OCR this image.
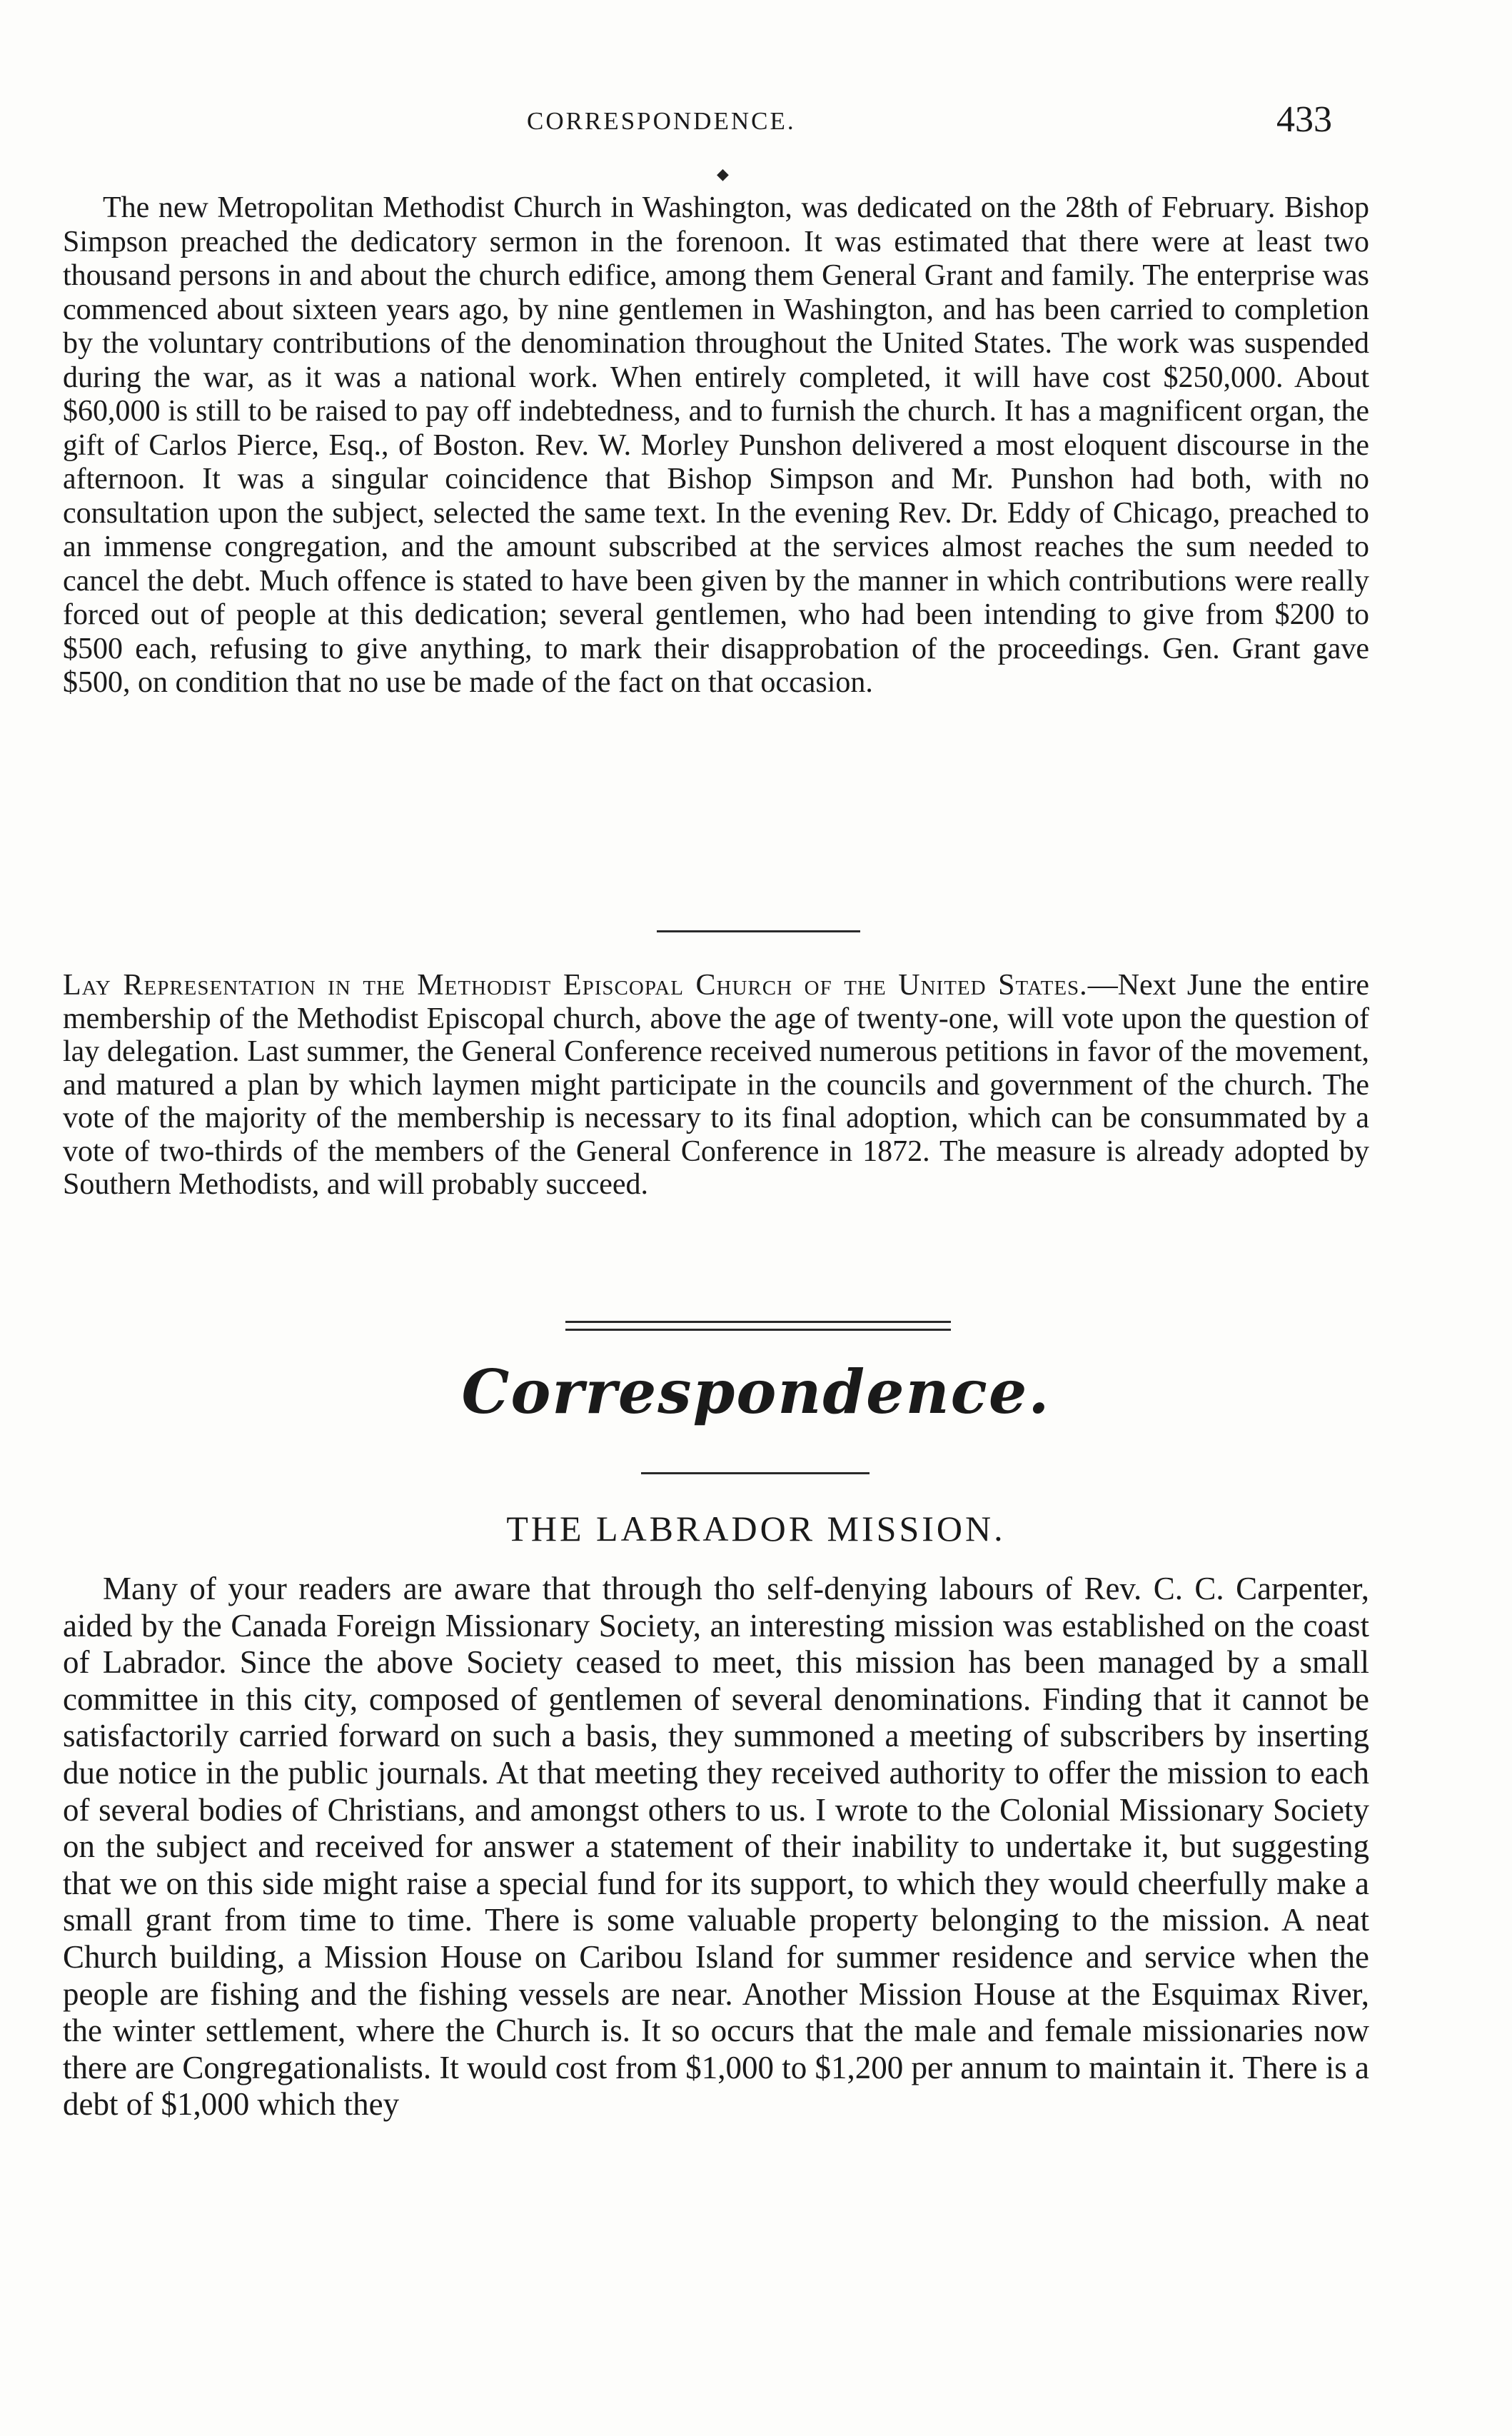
CORRESPONDENCE.	433
◆

The new Metropolitan Methodist Church in Washington, was dedicated on the 28th of February. Bishop Simpson preached the dedicatory sermon in the forenoon. It was estimated that there were at least two thousand persons in and about the church edifice, among them General Grant and family. The enterprise was commenced about sixteen years ago, by nine gentlemen in Washington, and has been carried to completion by the voluntary contributions of the denomination throughout the United States. The work was suspended during the war, as it was a national work. When entirely completed, it will have cost $250,000. About $60,000 is still to be raised to pay off indebtedness, and to furnish the church. It has a magnificent organ, the gift of Carlos Pierce, Esq., of Boston. Rev. W. Morley Punshon delivered a most eloquent discourse in the afternoon. It was a singular coincidence that Bishop Simpson and Mr. Punshon had both, with no consultation upon the subject, selected the same text. In the evening Rev. Dr. Eddy of Chicago, preached to an immense congregation, and the amount subscribed at the services almost reaches the sum needed to cancel the debt. Much offence is stated to have been given by the manner in which contributions were really forced out of people at this dedication; several gentlemen, who had been intending to give from $200 to $500 each, refusing to give anything, to mark their disapprobation of the proceedings. Gen. Grant gave $500, on condition that no use be made of the fact on that occasion.

Lay Representation in the Methodist Episcopal Church of the United States.—Next June the entire membership of the Methodist Episcopal church, above the age of twenty-one, will vote upon the question of lay delegation. Last summer, the General Conference received numerous petitions in favor of the movement, and matured a plan by which laymen might participate in the councils and government of the church. The vote of the majority of the membership is necessary to its final adoption, which can be consummated by a vote of two-thirds of the members of the General Conference in 1872. The measure is already adopted by Southern Methodists, and will probably succeed.

Correspondence.
THE LABRADOR MISSION.

Many of your readers are aware that through tho self-denying labours of Rev. C. C. Carpenter, aided by the Canada Foreign Missionary Society, an interesting mission was established on the coast of Labrador. Since the above Society ceased to meet, this mission has been managed by a small committee in this city, composed of gentlemen of several denominations. Finding that it cannot be satisfactorily carried forward on such a basis, they summoned a meeting of subscribers by inserting due notice in the public journals. At that meeting they received authority to offer the mission to each of several bodies of Christians, and amongst others to us. I wrote to the Colonial Missionary Society on the subject and received for answer a statement of their inability to undertake it, but suggesting that we on this side might raise a special fund for its support, to which they would cheerfully make a small grant from time to time. There is some valuable property belonging to the mission. A neat Church building, a Mission House on Caribou Island for summer residence and service when the people are fishing and the fishing vessels are near. Another Mission House at the Esquimax River, the winter settlement, where the Church is. It so occurs that the male and female missionaries now there are Congregationalists. It would cost from $1,000 to $1,200 per annum to maintain it. There is a debt of $1,000 which they
